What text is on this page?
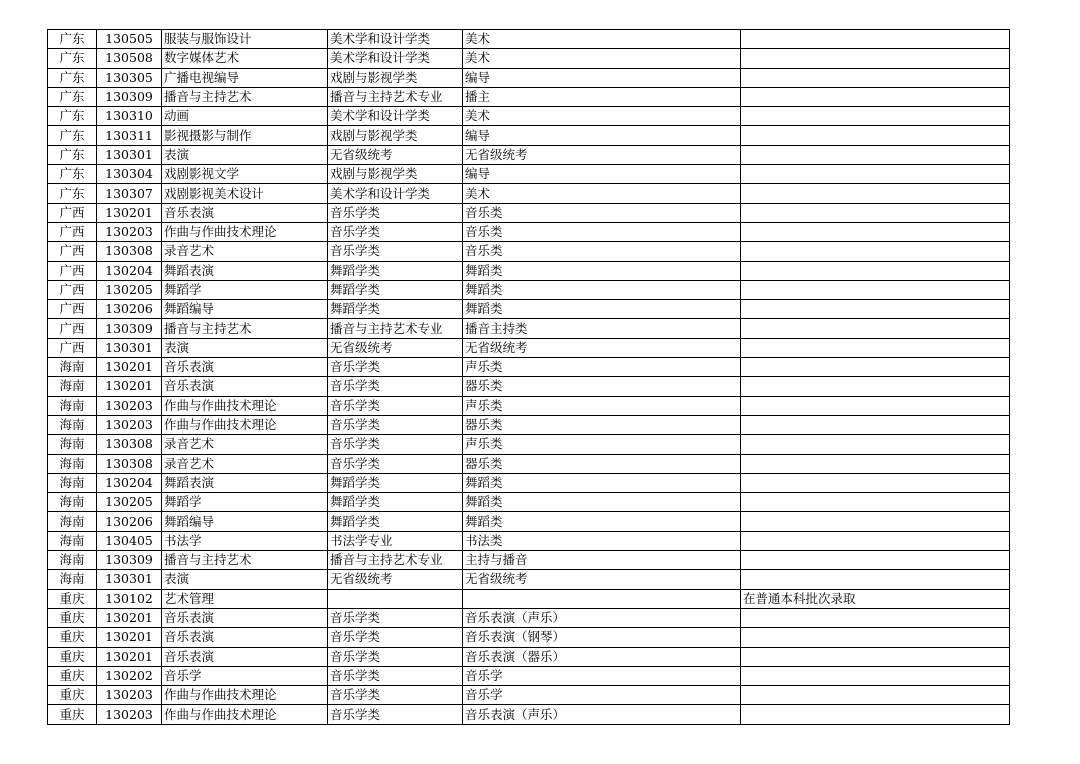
广东	130505	服装与服饰设计	美术学和设计学类	美术	
广东	130508	数字媒体艺术	美术学和设计学类	美术	
广东	130305	广播电视编导	戏剧与影视学类	编导	
广东	130309	播音与主持艺术	播音与主持艺术专业	播主	
广东	130310	动画	美术学和设计学类	美术	
广东	130311	影视摄影与制作	戏剧与影视学类	编导	
广东	130301	表演	无省级统考	无省级统考	
广东	130304	戏剧影视文学	戏剧与影视学类	编导	
广东	130307	戏剧影视美术设计	美术学和设计学类	美术	
广西	130201	音乐表演	音乐学类	音乐类	
广西	130203	作曲与作曲技术理论	音乐学类	音乐类	
广西	130308	录音艺术	音乐学类	音乐类	
广西	130204	舞蹈表演	舞蹈学类	舞蹈类	
广西	130205	舞蹈学	舞蹈学类	舞蹈类	
广西	130206	舞蹈编导	舞蹈学类	舞蹈类	
广西	130309	播音与主持艺术	播音与主持艺术专业	播音主持类	
广西	130301	表演	无省级统考	无省级统考	
海南	130201	音乐表演	音乐学类	声乐类	
海南	130201	音乐表演	音乐学类	器乐类	
海南	130203	作曲与作曲技术理论	音乐学类	声乐类	
海南	130203	作曲与作曲技术理论	音乐学类	器乐类	
海南	130308	录音艺术	音乐学类	声乐类	
海南	130308	录音艺术	音乐学类	器乐类	
海南	130204	舞蹈表演	舞蹈学类	舞蹈类	
海南	130205	舞蹈学	舞蹈学类	舞蹈类	
海南	130206	舞蹈编导	舞蹈学类	舞蹈类	
海南	130405	书法学	书法学专业	书法类	
海南	130309	播音与主持艺术	播音与主持艺术专业	主持与播音	
海南	130301	表演	无省级统考	无省级统考	
重庆	130102	艺术管理			在普通本科批次录取
重庆	130201	音乐表演	音乐学类	音乐表演（声乐）	
重庆	130201	音乐表演	音乐学类	音乐表演（钢琴）	
重庆	130201	音乐表演	音乐学类	音乐表演（器乐）	
重庆	130202	音乐学	音乐学类	音乐学	
重庆	130203	作曲与作曲技术理论	音乐学类	音乐学	
重庆	130203	作曲与作曲技术理论	音乐学类	音乐表演（声乐）	
